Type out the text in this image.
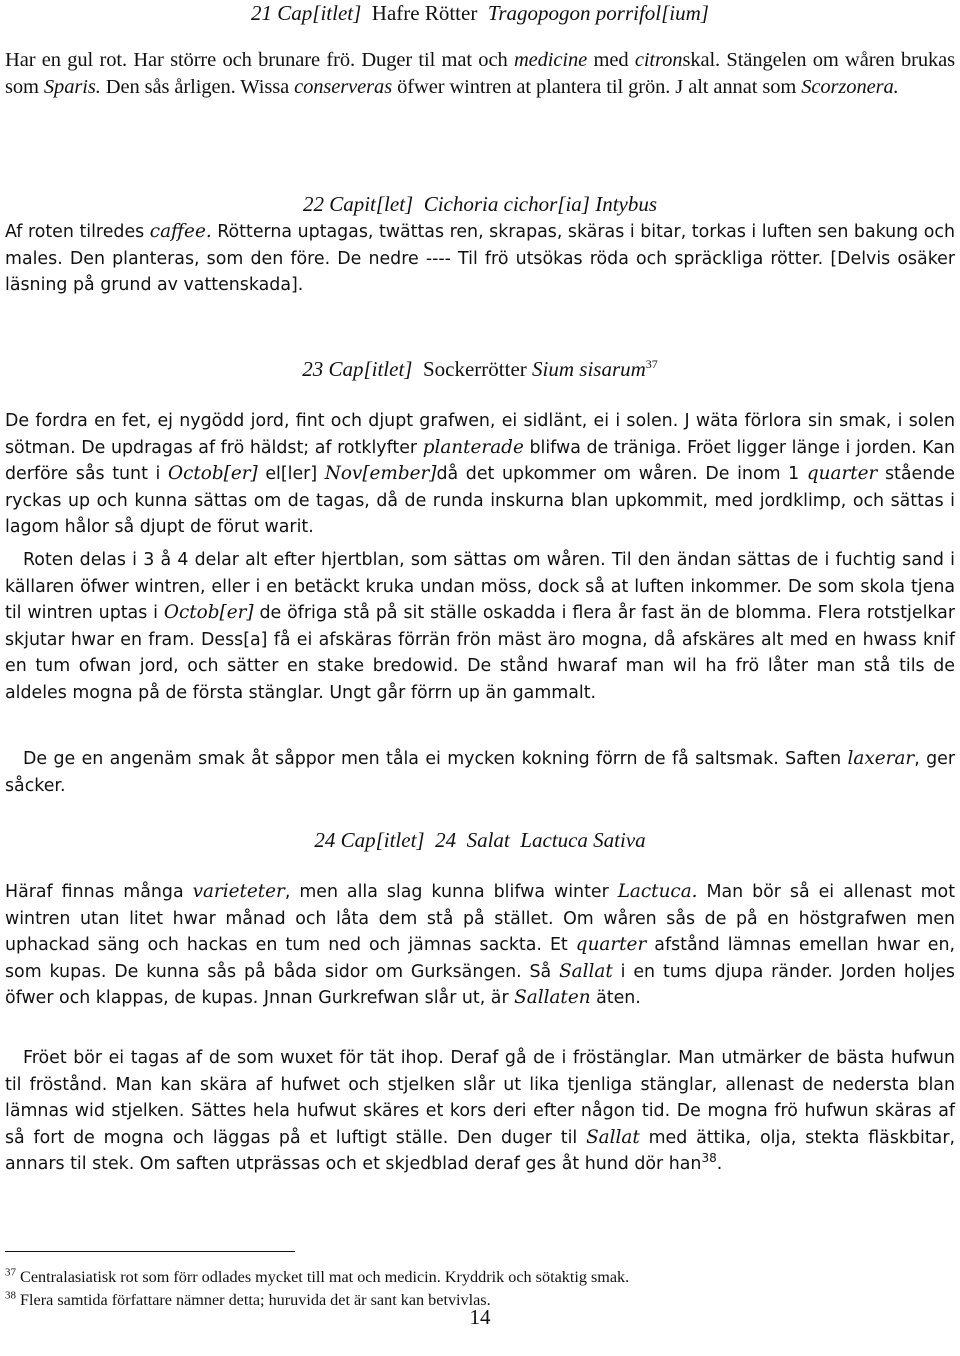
21 Cap[itlet] Hafre Rötter Tragopogon porrifol[ium]
Har en gul rot. Har större och brunare frö. Duger til mat och medicine med citronskal. Stängelen om wåren brukas som Sparis. Den sås årligen. Wissa conserveras öfwer wintren at plantera til grön. J alt annat som Scorzonera.
22 Capit[let] Cichoria cichor[ia] Intybus
Af roten tilredes caffee. Rötterna uptagas, twättas ren, skrapas, skäras i bitar, torkas i luften sen bakung och males. Den planteras, som den före. De nedre ---- Til frö utsökas röda och spräckliga rötter. [Delvis osäker läsning på grund av vattenskada].
23 Cap[itlet] Sockerrötter Sium sisarum$^{37}$
De fordra en fet, ej nygödd jord, fint och djupt grafwen, ei sidlänt, ei i solen. J wäta förlora sin smak, i solen sötman. De updragas af frö häldst; af rotklyfter planterade blifwa de träniga. Fröet ligger länge i jorden. Kan derföre sås tunt i Octob[er] el[ler] Nov[ember]då det upkommer om wåren. De inom 1 quarter stående ryckas up och kunna sättas om de tagas, då de runda inskurna blan upkommit, med jordklimp, och sättas i lagom hålor så djupt de förut warit.
Roten delas i 3 å 4 delar alt efter hjertblan, som sättas om wåren. Til den ändan sättas de i fuchtig sand i källaren öfwer wintren, eller i en betäckt kruka undan möss, dock så at luften inkommer. De som skola tjena til wintren uptas i Octob[er] de öfriga stå på sit ställe oskadda i flera år fast än de blomma. Flera rotstjelkar skjutar hwar en fram. Dess[a] få ei afskäras förrän frön mäst äro mogna, då afskäres alt med en hwass knif en tum ofwan jord, och sätter en stake bredowid. De stånd hwaraf man wil ha frö låter man stå tils de aldeles mogna på de första stänglar. Ungt går förrn up än gammalt.
De ge en angenäm smak åt såppor men tåla ei mycken kokning förrn de få saltsmak. Saften laxerar, ger såcker.
24 Cap[itlet] 24 Salat Lactuca Sativa
Häraf finnas många varieteter, men alla slag kunna blifwa winter Lactuca. Man bör så ei allenast mot wintren utan litet hwar månad och låta dem stå på stället. Om wåren sås de på en höstgrafwen men uphackad säng och hackas en tum ned och jämnas sackta. Et quarter afstånd lämnas emellan hwar en, som kupas. De kunna sås på båda sidor om Gurksängen. Så Sallat i en tums djupa ränder. Jorden holjes öfwer och klappas, de kupas. Jnnan Gurkrefwan slår ut, är Sallaten äten.
Fröet bör ei tagas af de som wuxet för tät ihop. Deraf gå de i fröstänglar. Man utmärker de bästa hufwun til fröstånd. Man kan skära af hufwet och stjelken slår ut lika tjenliga stänglar, allenast de nedersta blan lämnas wid stjelken. Sättes hela hufwut skäres et kors deri efter någon tid. De mogna frö hufwun skäras af så fort de mogna och läggas på et luftigt ställe. Den duger til Sallat med ättika, olja, stekta fläskbitar, annars til stek. Om saften utprässas och et skjedblad deraf ges åt hund dör han$^{38}$.
$^{37}$ Centralasiatisk rot som förr odlades mycket till mat och medicin. Kryddrik och sötaktig smak.
$^{38}$ Flera samtida författare nämner detta; huruvida det är sant kan betvivlas.
14
